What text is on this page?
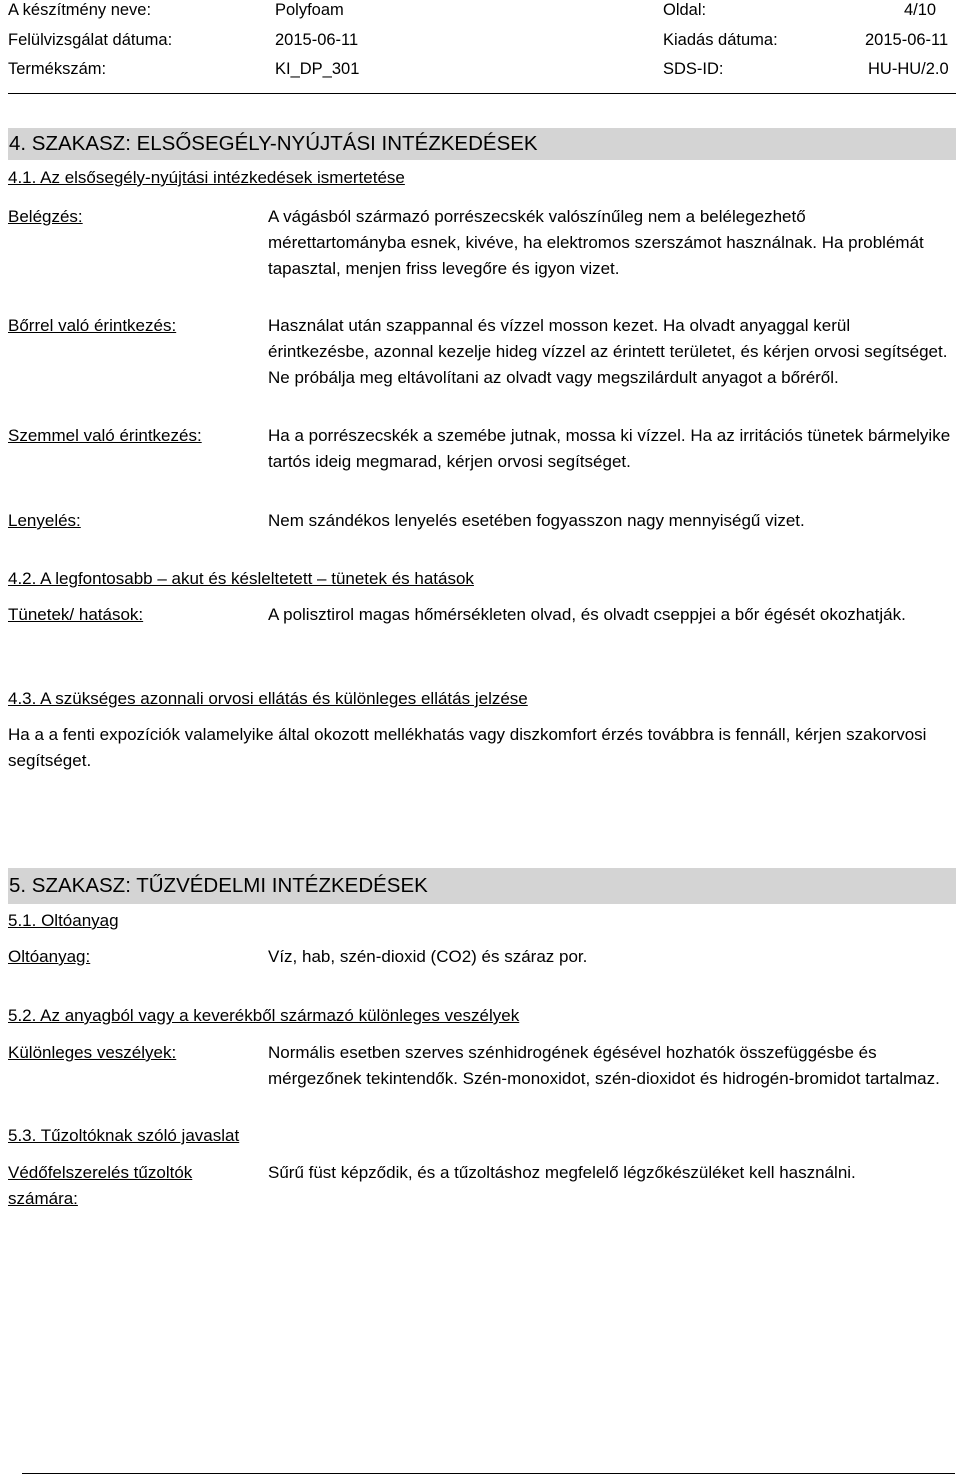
A készítmény neve:	Polyfoam	Oldal:	4/10
Felülvizsgálat dátuma:	2015-06-11	Kiadás dátuma:	2015-06-11
Termékszám:	KI_DP_301	SDS-ID:	HU-HU/2.0
4. SZAKASZ: ELSŐSEGÉLY-NYÚJTÁSI INTÉZKEDÉSEK
4.1. Az elsősegély-nyújtási intézkedések ismertetése
Belégzés:	A vágásból származó porrészecskék valószínűleg nem a belélegezhető mérettartományba esnek, kivéve, ha elektromos szerszámot használnak. Ha problémát tapasztal, menjen friss levegőre és igyon vizet.
Bőrrel való érintkezés:	Használat után szappannal és vízzel mosson kezet. Ha olvadt anyaggal kerül érintkezésbe, azonnal kezelje hideg vízzel az érintett területet, és kérjen orvosi segítséget. Ne próbálja meg eltávolítani az olvadt vagy megszilárdult anyagot a bőréről.
Szemmel való érintkezés:	Ha a porrészecskék a szemébe jutnak, mossa ki vízzel. Ha az irritációs tünetek bármelyike tartós ideig megmarad, kérjen orvosi segítséget.
Lenyelés:	Nem szándékos lenyelés esetében fogyasszon nagy mennyiségű vizet.
4.2. A legfontosabb – akut és késleltetett – tünetek és hatások
Tünetek/ hatások:	A polisztirol magas hőmérsékleten olvad, és olvadt cseppjei a bőr égését okozhatják.
4.3. A szükséges azonnali orvosi ellátás és különleges ellátás jelzése
Ha a a fenti expozíciók valamelyike által okozott mellékhatás vagy diszkomfort érzés továbbra is fennáll, kérjen szakorvosi segítséget.
5. SZAKASZ: TŰZVÉDELMI INTÉZKEDÉSEK
5.1. Oltóanyag
Oltóanyag:	Víz, hab, szén-dioxid (CO2) és száraz por.
5.2. Az anyagból vagy a keverékből származó különleges veszélyek
Különleges veszélyek:	Normális esetben szerves szénhidrogének égésével hozhatók összefüggésbe és mérgezőnek tekintendők. Szén-monoxidot, szén-dioxidot és hidrogén-bromidot tartalmaz.
5.3. Tűzoltóknak szóló javaslat
Védőfelszerelés tűzoltók számára:
Sűrű füst képződik, és a tűzoltáshoz megfelelő légzőkészüléket kell használni.
